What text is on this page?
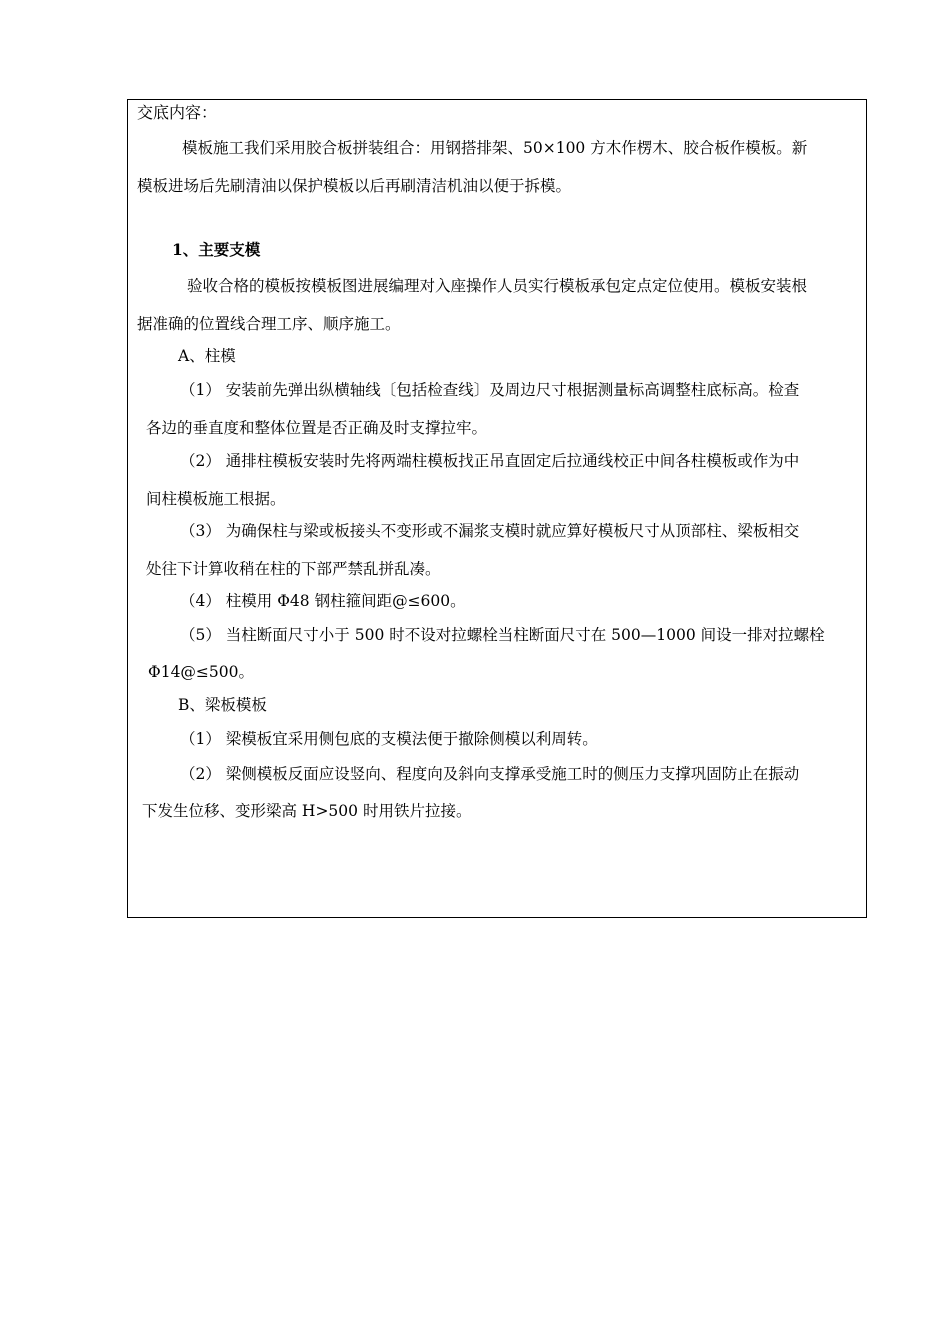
交底内容：
模板施工我们采用胶合板拼装组合：用钢搭排架、50×100 方木作楞木、胶合板作模板。新
模板进场后先刷清油以保护模板以后再刷清洁机油以便于拆模。
1、主要支模
验收合格的模板按模板图进展编理对入座操作人员实行模板承包定点定位使用。模板安装根
据准确的位置线合理工序、顺序施工。
A、柱模
（1） 安装前先弹出纵横轴线〔包括检查线〕及周边尺寸根据测量标高调整柱底标高。检查
各边的垂直度和整体位置是否正确及时支撑拉牢。
（2） 通排柱模板安装时先将两端柱模板找正吊直固定后拉通线校正中间各柱模板或作为中
间柱模板施工根据。
（3） 为确保柱与梁或板接头不变形或不漏浆支模时就应算好模板尺寸从顶部柱、梁板相交
处往下计算收稍在柱的下部严禁乱拼乱凑。
（4） 柱模用 Φ48 钢柱箍间距@≤600。
（5） 当柱断面尺寸小于 500 时不设对拉螺栓当柱断面尺寸在 500—1000 间设一排对拉螺栓
Φ14@≤500。
B、梁板模板
（1） 梁模板宜采用侧包底的支模法便于撤除侧模以利周转。
（2） 梁侧模板反面应设竖向、程度向及斜向支撑承受施工时的侧压力支撑巩固防止在振动
下发生位移、变形梁高 H>500 时用铁片拉接。
